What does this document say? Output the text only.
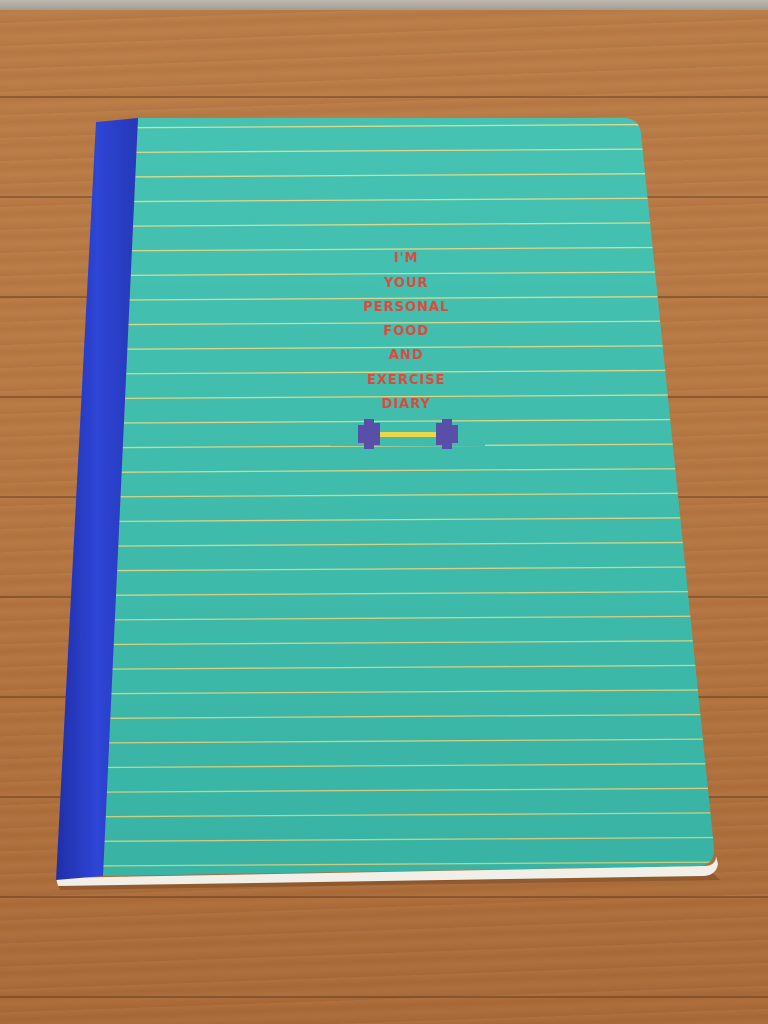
I'M
YOUR
PERSONAL
FOOD
AND
EXERCISE
DIARY
